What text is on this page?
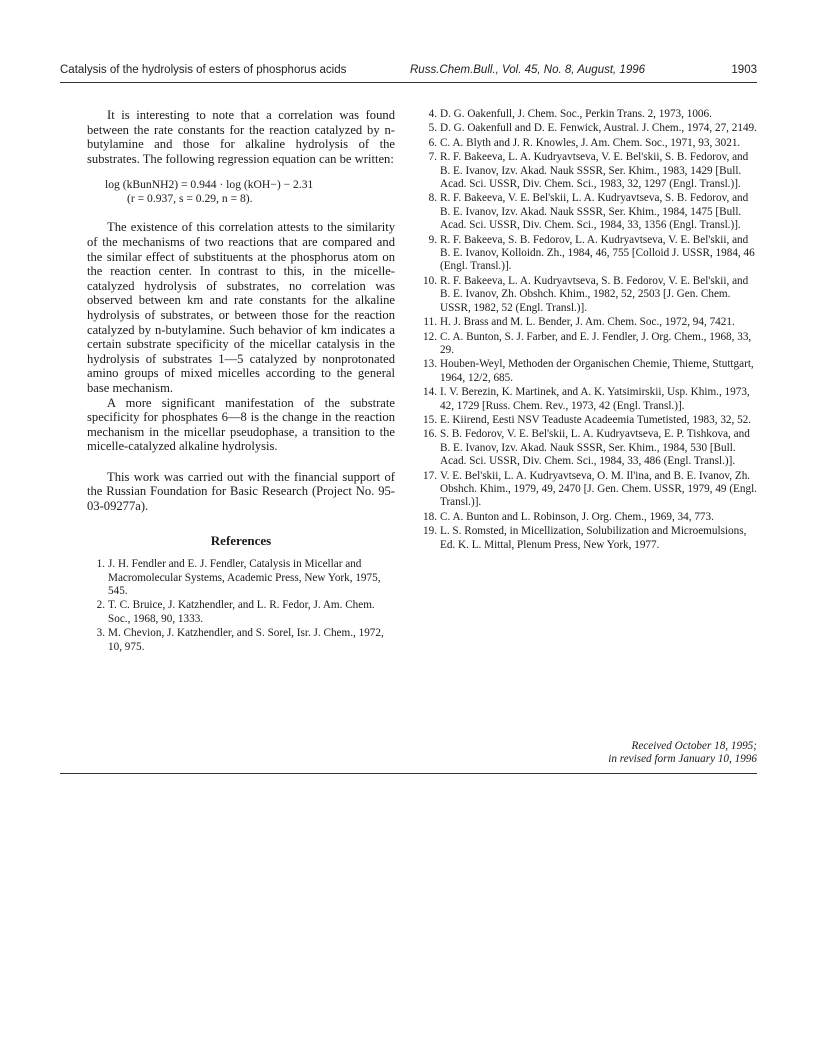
Catalysis of the hydrolysis of esters of phosphorus acids	Russ.Chem.Bull., Vol. 45, No. 8, August, 1996	1903

It is interesting to note that a correlation was found between the rate constants for the reaction catalyzed by n-butylamine and those for alkaline hydrolysis of the substrates. The following regression equation can be written:

log (kBunNH2) = 0.944 · log (kOH−) − 2.31
(r = 0.937, s = 0.29, n = 8).

The existence of this correlation attests to the similarity of the mechanisms of two reactions that are compared and the similar effect of substituents at the phosphorus atom on the reaction center. In contrast to this, in the micelle-catalyzed hydrolysis of substrates, no correlation was observed between km and rate constants for the alkaline hydrolysis of substrates, or between those for the reaction catalyzed by n-butylamine. Such behavior of km indicates a certain substrate specificity of the micellar catalysis in the hydrolysis of substrates 1—5 catalyzed by nonprotonated amino groups of mixed micelles according to the general base mechanism.

A more significant manifestation of the substrate specificity for phosphates 6—8 is the change in the reaction mechanism in the micellar pseudophase, a transition to the micelle-catalyzed alkaline hydrolysis.

This work was carried out with the financial support of the Russian Foundation for Basic Research (Project No. 95-03-09277a).

References
1. J. H. Fendler and E. J. Fendler, Catalysis in Micellar and Macromolecular Systems, Academic Press, New York, 1975, 545.
2. T. C. Bruice, J. Katzhendler, and L. R. Fedor, J. Am. Chem. Soc., 1968, 90, 1333.
3. M. Chevion, J. Katzhendler, and S. Sorel, Isr. J. Chem., 1972, 10, 975.
4. D. G. Oakenfull, J. Chem. Soc., Perkin Trans. 2, 1973, 1006.
5. D. G. Oakenfull and D. E. Fenwick, Austral. J. Chem., 1974, 27, 2149.
6. C. A. Blyth and J. R. Knowles, J. Am. Chem. Soc., 1971, 93, 3021.
7. R. F. Bakeeva, L. A. Kudryavtseva, V. E. Bel'skii, S. B. Fedorov, and B. E. Ivanov, Izv. Akad. Nauk SSSR, Ser. Khim., 1983, 1429 [Bull. Acad. Sci. USSR, Div. Chem. Sci., 1983, 32, 1297 (Engl. Transl.)].
8. R. F. Bakeeva, V. E. Bel'skii, L. A. Kudryavtseva, S. B. Fedorov, and B. E. Ivanov, Izv. Akad. Nauk SSSR, Ser. Khim., 1984, 1475 [Bull. Acad. Sci. USSR, Div. Chem. Sci., 1984, 33, 1356 (Engl. Transl.)].
9. R. F. Bakeeva, S. B. Fedorov, L. A. Kudryavtseva, V. E. Bel'skii, and B. E. Ivanov, Kolloidn. Zh., 1984, 46, 755 [Colloid J. USSR, 1984, 46 (Engl. Transl.)].
10. R. F. Bakeeva, L. A. Kudryavtseva, S. B. Fedorov, V. E. Bel'skii, and B. E. Ivanov, Zh. Obshch. Khim., 1982, 52, 2503 [J. Gen. Chem. USSR, 1982, 52 (Engl. Transl.)].
11. H. J. Brass and M. L. Bender, J. Am. Chem. Soc., 1972, 94, 7421.
12. C. A. Bunton, S. J. Farber, and E. J. Fendler, J. Org. Chem., 1968, 33, 29.
13. Houben-Weyl, Methoden der Organischen Chemie, Thieme, Stuttgart, 1964, 12/2, 685.
14. I. V. Berezin, K. Martinek, and A. K. Yatsimirskii, Usp. Khim., 1973, 42, 1729 [Russ. Chem. Rev., 1973, 42 (Engl. Transl.)].
15. E. Kiirend, Eesti NSV Teaduste Acadeemia Tumetisted, 1983, 32, 52.
16. S. B. Fedorov, V. E. Bel'skii, L. A. Kudryavtseva, E. P. Tishkova, and B. E. Ivanov, Izv. Akad. Nauk SSSR, Ser. Khim., 1984, 530 [Bull. Acad. Sci. USSR, Div. Chem. Sci., 1984, 33, 486 (Engl. Transl.)].
17. V. E. Bel'skii, L. A. Kudryavtseva, O. M. Il'ina, and B. E. Ivanov, Zh. Obshch. Khim., 1979, 49, 2470 [J. Gen. Chem. USSR, 1979, 49 (Engl. Transl.)].
18. C. A. Bunton and L. Robinson, J. Org. Chem., 1969, 34, 773.
19. L. S. Romsted, in Micellization, Solubilization and Microemulsions, Ed. K. L. Mittal, Plenum Press, New York, 1977.
Received October 18, 1995;
in revised form January 10, 1996
